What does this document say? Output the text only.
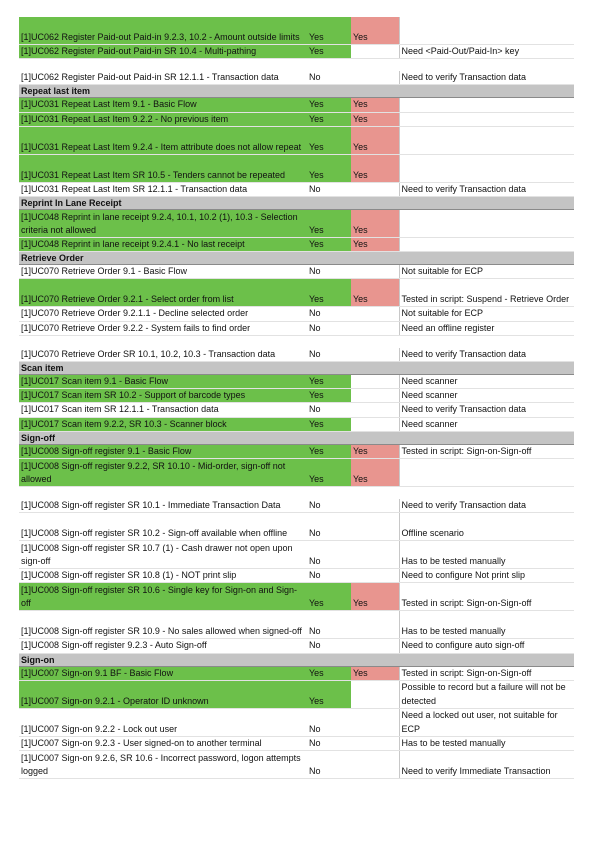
[1]UC062 Register Paid-out Paid-in 9.2.3, 10.2 - Amount outside limits	Yes	Yes	
[1]UC062 Register Paid-out Paid-in SR 10.4 - Multi-pathing	Yes		Need <Paid-Out/Paid-In> key

[1]UC062 Register Paid-out Paid-in SR 12.1.1 - Transaction data	No		Need to verify Transaction data
Repeat last item			
[1]UC031 Repeat Last Item 9.1 - Basic Flow	Yes	Yes	
[1]UC031 Repeat Last Item 9.2.2 - No previous item	Yes	Yes	
[1]UC031 Repeat Last Item 9.2.4 - Item attribute does not allow repeat	Yes	Yes	
[1]UC031 Repeat Last Item SR 10.5 - Tenders cannot be repeated	Yes	Yes	
[1]UC031 Repeat Last Item SR 12.1.1 - Transaction data	No		Need to verify Transaction data
Reprint In Lane Receipt			
[1]UC048 Reprint in lane receipt 9.2.4, 10.1, 10.2 (1), 10.3 - Selection criteria not allowed	Yes	Yes	
[1]UC048 Reprint in lane receipt 9.2.4.1 - No last receipt	Yes	Yes	
Retrieve Order			
[1]UC070 Retrieve Order 9.1 - Basic Flow	No		Not suitable for ECP
[1]UC070 Retrieve Order 9.2.1 - Select order from list	Yes	Yes	Tested in script: Suspend - Retrieve Order
[1]UC070 Retrieve Order 9.2.1.1 - Decline selected order	No		Not suitable for ECP
[1]UC070 Retrieve Order 9.2.2 - System fails to find order	No		Need an offline register

[1]UC070 Retrieve Order SR 10.1, 10.2, 10.3 - Transaction data	No		Need to verify Transaction data
Scan item			
[1]UC017 Scan item 9.1 - Basic Flow	Yes		Need scanner
[1]UC017 Scan item SR 10.2 - Support of barcode types	Yes		Need scanner
[1]UC017 Scan item SR 12.1.1 - Transaction data	No		Need to verify Transaction data
[1]UC017 Scan item 9.2.2, SR 10.3 - Scanner block	Yes		Need scanner
Sign-off			
[1]UC008 Sign-off register 9.1 - Basic Flow	Yes	Yes	Tested in script: Sign-on-Sign-off
[1]UC008 Sign-off register 9.2.2, SR 10.10 - Mid-order, sign-off not allowed	Yes	Yes	

[1]UC008 Sign-off register SR 10.1 - Immediate Transaction Data	No		Need to verify Transaction data
[1]UC008 Sign-off register SR 10.2 - Sign-off available when offline	No		Offline scenario
[1]UC008 Sign-off register SR 10.7 (1) - Cash drawer not open upon sign-off	No		Has to be tested manually
[1]UC008 Sign-off register SR 10.8 (1) - NOT print slip	No		Need to configure Not print slip
[1]UC008 Sign-off register SR 10.6 - Single key for Sign-on and Sign-off	Yes	Yes	Tested in script: Sign-on-Sign-off
[1]UC008 Sign-off register SR 10.9 - No sales allowed when signed-off	No		Has to be tested manually
[1]UC008 Sign-off register 9.2.3 - Auto Sign-off	No		Need to configure auto sign-off
Sign-on			
[1]UC007 Sign-on 9.1 BF - Basic Flow	Yes	Yes	Tested in script: Sign-on-Sign-off
[1]UC007 Sign-on 9.2.1 - Operator ID unknown	Yes		Possible to record but a failure will not be detected
[1]UC007 Sign-on 9.2.2 - Lock out user	No		Need a locked out user, not suitable for ECP
[1]UC007 Sign-on 9.2.3 - User signed-on to another terminal	No		Has to be tested manually
[1]UC007 Sign-on 9.2.6, SR 10.6 - Incorrect password, logon attempts logged	No		Need to verify Immediate Transaction
